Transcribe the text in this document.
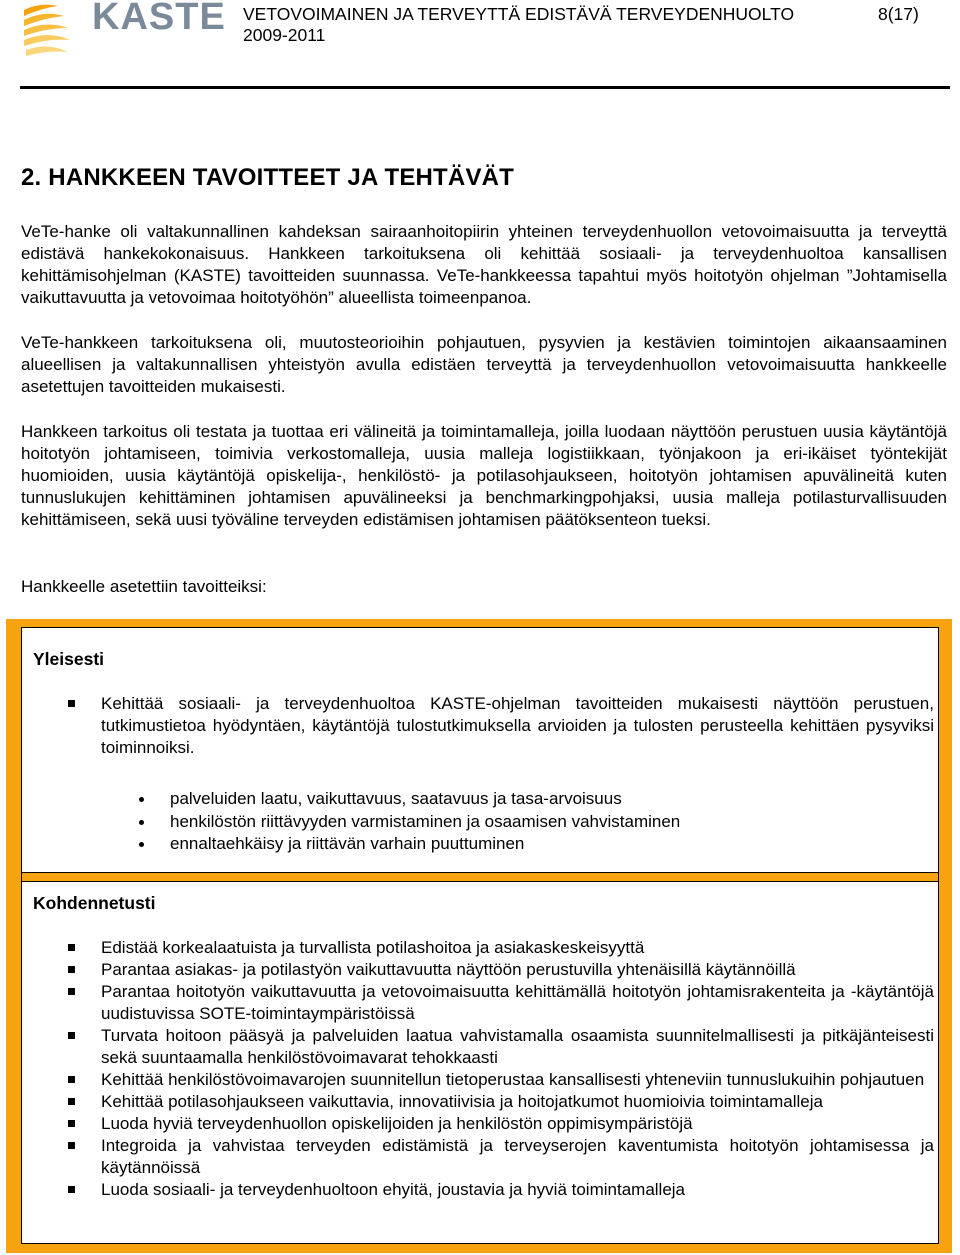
KASTE VETOVOIMAINEN JA TERVEYTTÄ EDISTÄVÄ TERVEYDENHUOLTO
2009-2011
8(17)
2. HANKKEEN TAVOITTEET JA TEHTÄVÄT

VeTe-hanke oli valtakunnallinen kahdeksan sairaanhoitopiirin yhteinen terveydenhuollon vetovoimaisuutta ja terveyttä edistävä hankekokonaisuus. Hankkeen tarkoituksena oli kehittää sosiaali- ja terveydenhuoltoa kansallisen kehittämisohjelman (KASTE) tavoitteiden suunnassa. VeTe-hankkeessa tapahtui myös hoitotyön ohjelman ”Johtamisella vaikuttavuutta ja vetovoimaa hoitotyöhön” alueellista toimeenpanoa.

VeTe-hankkeen tarkoituksena oli, muutosteorioihin pohjautuen, pysyvien ja kestävien toimintojen aikaansaaminen alueellisen ja valtakunnallisen yhteistyön avulla edistäen terveyttä ja terveydenhuollon vetovoimaisuutta hankkeelle asetettujen tavoitteiden mukaisesti.

Hankkeen tarkoitus oli testata ja tuottaa eri välineitä ja toimintamalleja, joilla luodaan näyttöön perustuen uusia käytäntöjä hoitotyön johtamiseen, toimivia verkostomalleja, uusia malleja logistiikkaan, työnjakoon ja eri-ikäiset työntekijät huomioiden, uusia käytäntöjä opiskelija-, henkilöstö- ja potilasohjaukseen, hoitotyön johtamisen apuvälineitä kuten tunnuslukujen kehittäminen johtamisen apuvälineeksi ja benchmarkingpohjaksi, uusia malleja potilasturvallisuuden kehittämiseen, sekä uusi työväline terveyden edistämisen johtamisen päätöksenteon tueksi.

Hankkeelle asetettiin tavoitteiksi:
Yleisesti
Kehittää sosiaali- ja terveydenhuoltoa KASTE-ohjelman tavoitteiden mukaisesti näyttöön perustuen, tutkimustietoa hyödyntäen, käytäntöjä tulostutkimuksella arvioiden ja tulosten perusteella kehittäen pysyviksi toiminnoiksi.
palveluiden laatu, vaikuttavuus, saatavuus ja tasa-arvoisuus
henkilöstön riittävyyden varmistaminen ja osaamisen vahvistaminen
ennaltaehkäisy ja riittävän varhain puuttuminen
Kohdennetusti
Edistää korkealaatuista ja turvallista potilashoitoa ja asiakaskeskeisyyttä
Parantaa asiakas- ja potilastyön vaikuttavuutta näyttöön perustuvilla yhtenäisillä käytännöillä
Parantaa hoitotyön vaikuttavuutta ja vetovoimaisuutta kehittämällä hoitotyön johtamisrakenteita ja -käytäntöjä uudistuvissa SOTE-toimintaympäristöissä
Turvata hoitoon pääsyä ja palveluiden laatua vahvistamalla osaamista suunnitelmallisesti ja pitkäjänteisesti sekä suuntaamalla henkilöstövoimavarat tehokkaasti
Kehittää henkilöstövoimavarojen suunnitellun tietoperustaa kansallisesti yhteneviin tunnuslukuihin pohjautuen
Kehittää potilasohjaukseen vaikuttavia, innovatiivisia ja hoitojatkumot huomioivia toimintamalleja
Luoda hyviä terveydenhuollon opiskelijoiden ja henkilöstön oppimisympäristöjä
Integroida ja vahvistaa terveyden edistämistä ja terveyserojen kaventumista hoitotyön johtamisessa ja käytännöissä
Luoda sosiaali- ja terveydenhuoltoon ehyitä, joustavia ja hyviä toimintamalleja
